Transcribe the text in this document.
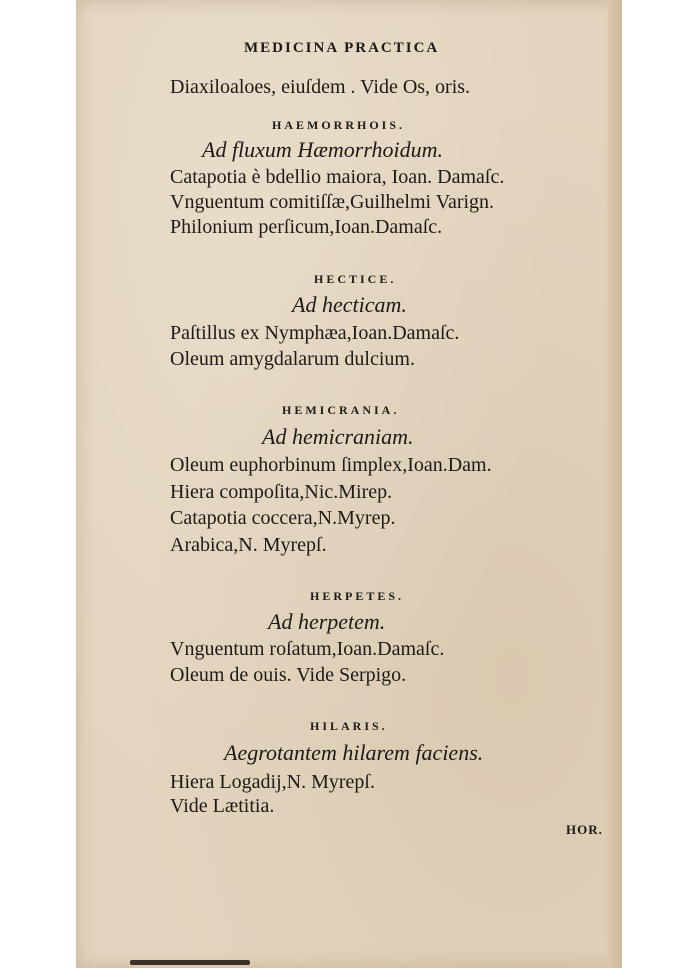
MEDICINA PRACTICA
Diaxiloaloes, eiuſdem . Vide Os, oris.
HAEMORRHOIS.
Ad fluxum Hæmorrhoidum.
Catapotia è bdellio maiora, Ioan. Damaſc.
Vnguentum comitiſſæ,Guilhelmi Varign.
Philonium perſicum,Ioan.Damaſc.
HECTICE.
Ad hecticam.
Paſtillus ex Nymphæa,Ioan.Damaſc.
Oleum amygdalarum dulcium.
HEMICRANIA.
Ad hemicraniam.
Oleum euphorbinum ſimplex,Ioan.Dam.
Hiera compoſita,Nic.Mirep.
Catapotia coccera,N.Myrep.
Arabica,N. Myrepſ.
HERPETES.
Ad herpetem.
Vnguentum roſatum,Ioan.Damaſc.
Oleum de ouis. Vide Serpigo.
HILARIS.
Aegrotantem hilarem faciens.
Hiera Logadij,N. Myrepſ.
Vide Lætitia.
HOR.
